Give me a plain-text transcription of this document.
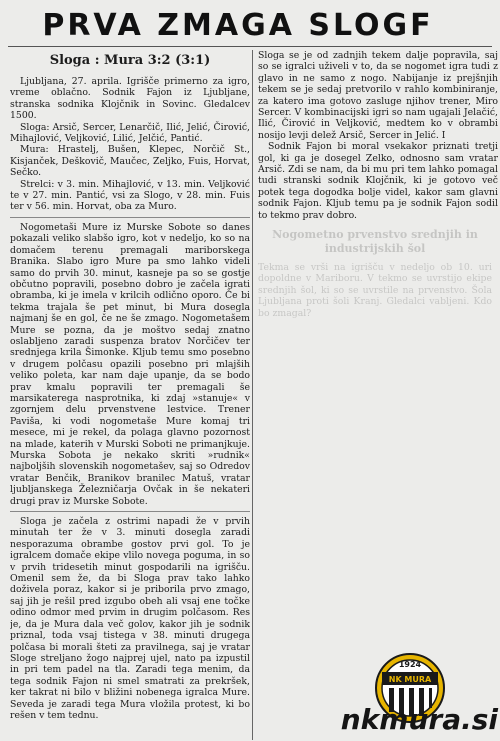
PRVA ZMAGA SLOGF
Sloga : Mura 3:2 (3:1)

Ljubljana, 27. aprila. Igrišče primerno za igro, vreme oblačno. Sodnik Fajon iz Ljubljane, stranska sodnika Klojčnik in Sovinc. Gledalcev 1500.

Sloga: Arsič, Sercer, Lenarčič, Ilić, Jelić, Čirović, Mihajlović, Veljković, Lilić, Jelčić, Pantić.

Mura: Hrastelj, Bušen, Klepec, Norčič St., Kisjanček, Deškovič, Maučec, Zeljko, Fuis, Horvat, Sečko.

Strelci: v 3. min. Mihajlović, v 13. min. Veljković te v 27. min. Pantić, vsi za Slogo, v 28. min. Fuis ter v 56. min. Horvat, oba za Muro.

Nogometaši Mure iz Murske Sobote so danes pokazali veliko slabšo igro, kot v nedeljo, ko so na domačem terenu premagali mariborskega Branika. Slabo igro Mure pa smo lahko videli samo do prvih 30. minut, kasneje pa so se gostje občutno popravili, posebno dobro je začela igrati obramba, ki je imela v krilcih odlično oporo. Če bi tekma trajala še pet minut, bi Mura dosegla najmanj še en gol, če ne še zmago. Nogometašem Mure se pozna, da je moštvo sedaj znatno oslabljeno zaradi suspenza bratov Norčičev ter srednjega krila Šimonke. Kljub temu smo posebno v drugem polčasu opazili posebno pri mlajših veliko poleta, kar nam daje upanje, da se bodo prav kmalu popravili ter premagali še marsikaterega nasprotnika, ki zdaj »stanuje« v zgornjem delu prvenstvene lestvice. Trener Paviša, ki vodi nogometaše Mure komaj tri mesece, mi je rekel, da polaga glavno pozornost na mlade, katerih v Murski Soboti ne primanjkuje. Murska Sobota je nekako skriti »rudnik« najboljših slovenskih nogometašev, saj so Odredov vratar Benčik, Branikov branilec Matuš, vratar ljubljanskega Železničarja Ovčak in še nekateri drugi prav iz Murske Sobote.

Sloga je začela z ostrimi napadi že v prvih minutah ter že v 3. minuti dosegla zaradi nesporazuma obrambe gostov prvi gol. To je igralcem domače ekipe vlilo novega poguma, in so v prvih tridesetih minut gospodarili na igrišču. Omenil sem že, da bi Sloga prav tako lahko doživela poraz, kakor si je priborila prvo zmago, saj jih je rešil pred izgubo obeh ali vsaj ene točke odino odmor med prvim in drugim polčasom. Res je, da je Mura dala več golov, kakor jih je sodnik priznal, toda vsaj tistega v 38. minuti drugega polčasa bi morali šteti za pravilnega, saj je vratar Sloge streljano žogo najprej ujel, nato pa izpustil in pri tem padel na tla. Zaradi tega menim, da tega sodnik Fajon ni smel smatrati za prekršek, ker takrat ni bilo v bližini nobenega igralca Mure. Seveda je zaradi tega Mura vložila protest, ki bo rešen v tem tednu.

Sloga se je od zadnjih tekem dalje popravila, saj so se igralci uživeli v to, da se nogomet igra tudi z glavo in ne samo z nogo. Nabijanje iz prejšnjih tekem se je sedaj pretvorilo v rahlo kombiniranje, za katero ima gotovo zasluge njihov trener, Miro Sercer. V kombinacijski igri so nam ugajali Jelačić, Ilić, Čirović in Veljković, medtem ko v obrambi nosijo levji delež Arsič, Sercer in Jelić. I

Sodnik Fajon bi moral vsekakor priznati tretji gol, ki ga je dosegel Zelko, odnosno sam vratar Arsič. Zdi se nam, da bi mu pri tem lahko pomagal tudi stranski sodnik Klojčnik, ki je gotovo več potek tega dogodka bolje videl, kakor sam glavni sodnik Fajon. Kljub temu pa je sodnik Fajon sodil to tekmo prav dobro.

Nogometno prvenstvo srednjih in industrijskih šol

Tekma se vrši na igrišču v nedeljo ob 10. uri dopoldne v Mariboru. V tekmo se uvrstijo ekipe srednjih šol, ki so se uvrstile na prvenstvo. Šola Ljubljana proti šoli Kranj. Gledalci vabljeni. Kdo bo zmagal?

1924
NK MURA
nkmura.si
